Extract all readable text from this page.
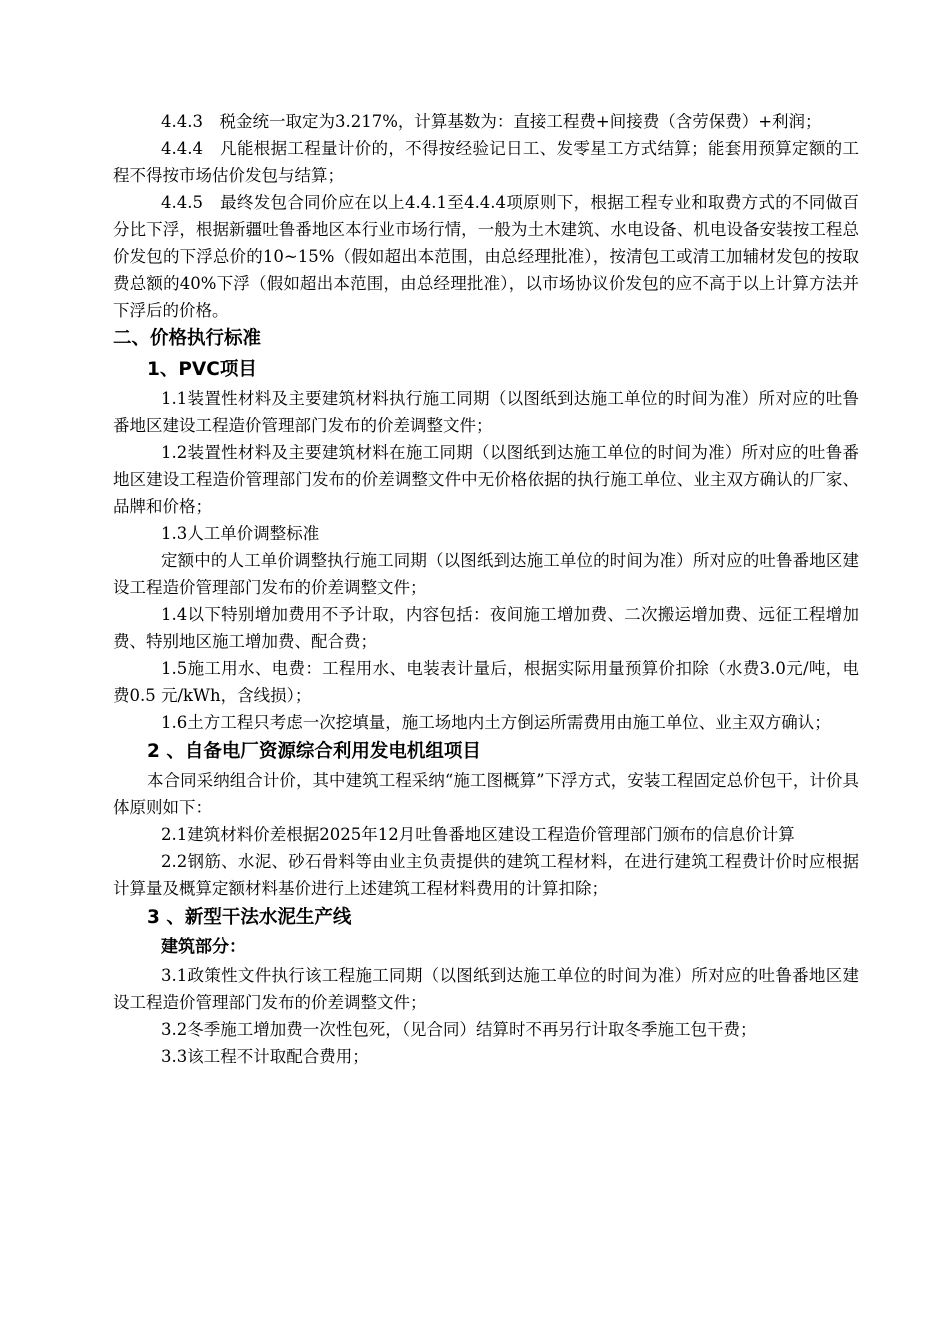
4.4.3　税金统一取定为3.217%，计算基数为：直接工程费+间接费（含劳保费）+利润；

4.4.4　凡能根据工程量计价的，不得按经验记日工、发零星工方式结算；能套用预算定额的工程不得按市场估价发包与结算；

4.4.5　最终发包合同价应在以上4.4.1至4.4.4项原则下，根据工程专业和取费方式的不同做百分比下浮，根据新疆吐鲁番地区本行业市场行情，一般为土木建筑、水电设备、机电设备安装按工程总价发包的下浮总价的10~15%（假如超出本范围，由总经理批准），按清包工或清工加辅材发包的按取费总额的40%下浮（假如超出本范围，由总经理批准），以市场协议价发包的应不高于以上计算方法并下浮后的价格。

二、价格执行标准

1、PVC项目

1.1装置性材料及主要建筑材料执行施工同期（以图纸到达施工单位的时间为准）所对应的吐鲁番地区建设工程造价管理部门发布的价差调整文件；

1.2装置性材料及主要建筑材料在施工同期（以图纸到达施工单位的时间为准）所对应的吐鲁番地区建设工程造价管理部门发布的价差调整文件中无价格依据的执行施工单位、业主双方确认的厂家、品牌和价格；

1.3人工单价调整标准

定额中的人工单价调整执行施工同期（以图纸到达施工单位的时间为准）所对应的吐鲁番地区建设工程造价管理部门发布的价差调整文件；

1.4以下特别增加费用不予计取，内容包括：夜间施工增加费、二次搬运增加费、远征工程增加费、特别地区施工增加费、配合费；

1.5施工用水、电费：工程用水、电装表计量后，根据实际用量预算价扣除（水费3.0元/吨，电费0.5 元/kWh，含线损）；

1.6土方工程只考虑一次挖填量，施工场地内土方倒运所需费用由施工单位、业主双方确认；

2 、自备电厂资源综合利用发电机组项目

本合同采纳组合计价，其中建筑工程采纳“施工图概算”下浮方式，安装工程固定总价包干，计价具体原则如下：

2.1建筑材料价差根据2025年12月吐鲁番地区建设工程造价管理部门颁布的信息价计算

2.2钢筋、水泥、砂石骨料等由业主负责提供的建筑工程材料，在进行建筑工程费计价时应根据计算量及概算定额材料基价进行上述建筑工程材料费用的计算扣除；

3 、新型干法水泥生产线

建筑部分：

3.1政策性文件执行该工程施工同期（以图纸到达施工单位的时间为准）所对应的吐鲁番地区建设工程造价管理部门发布的价差调整文件；

3.2冬季施工增加费一次性包死，（见合同）结算时不再另行计取冬季施工包干费；

3.3该工程不计取配合费用；
